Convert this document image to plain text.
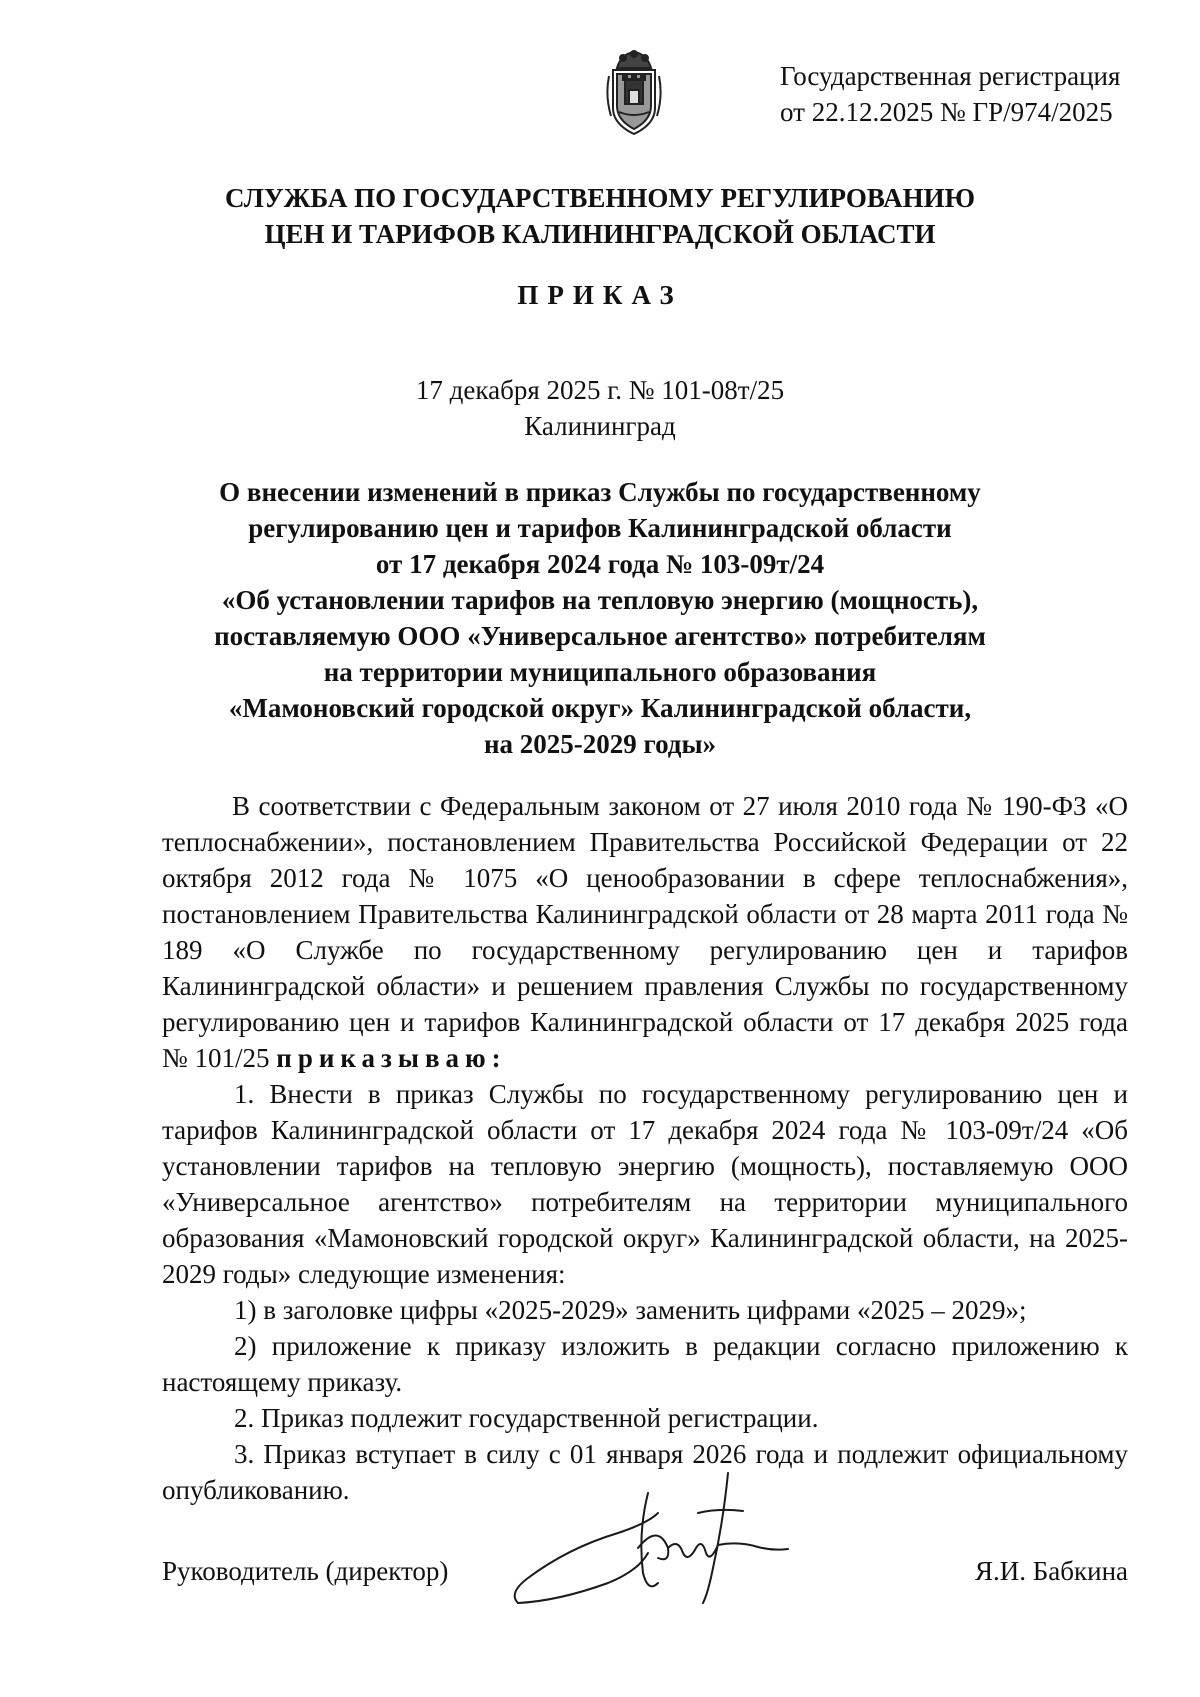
Государственная регистрация
от 22.12.2025 № ГР/974/2025
СЛУЖБА ПО ГОСУДАРСТВЕННОМУ РЕГУЛИРОВАНИЮ
ЦЕН И ТАРИФОВ КАЛИНИНГРАДСКОЙ ОБЛАСТИ
ПРИКАЗ
17 декабря 2025 г. № 101-08т/25
Калининград
О внесении изменений в приказ Службы по государственному
регулированию цен и тарифов Калининградской области
от 17 декабря 2024 года № 103-09т/24
«Об установлении тарифов на тепловую энергию (мощность),
поставляемую ООО «Универсальное агентство» потребителям
на территории муниципального образования
«Мамоновский городской округ» Калининградской области,
на 2025-2029 годы»

В соответствии с Федеральным законом от 27 июля 2010 года № 190-ФЗ «О теплоснабжении», постановлением Правительства Российской Федерации от 22 октября 2012 года № 1075 «О ценообразовании в сфере теплоснабжения», постановлением Правительства Калининградской области от 28 марта 2011 года № 189 «О Службе по государственному регулированию цен и тарифов Калининградской области» и решением правления Службы по государственному регулированию цен и тарифов Калининградской области от 17 декабря 2025 года № 101/25 приказываю:

1. Внести в приказ Службы по государственному регулированию цен и тарифов Калининградской области от 17 декабря 2024 года № 103-09т/24 «Об установлении тарифов на тепловую энергию (мощность), поставляемую ООО «Универсальное агентство» потребителям на территории муниципального образования «Мамоновский городской округ» Калининградской области, на 2025-2029 годы» следующие изменения:

1) в заголовке цифры «2025-2029» заменить цифрами «2025 – 2029»;

2) приложение к приказу изложить в редакции согласно приложению к настоящему приказу.

2. Приказ подлежит государственной регистрации.

3. Приказ вступает в силу с 01 января 2026 года и подлежит официальному опубликованию.

Руководитель (директор)	Я.И. Бабкина
